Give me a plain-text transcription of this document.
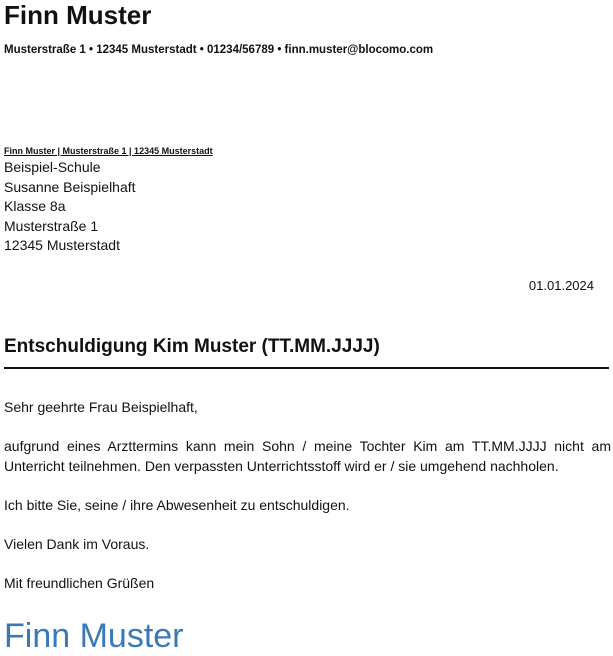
Finn Muster
Musterstraße 1 • 12345 Musterstadt • 01234/56789 • finn.muster@blocomo.com
Finn Muster | Musterstraße 1 | 12345 Musterstadt
Beispiel-Schule
Susanne Beispielhaft
Klasse 8a
Musterstraße 1
12345 Musterstadt
01.01.2024
Entschuldigung Kim Muster (TT.MM.JJJJ)

Sehr geehrte Frau Beispielhaft,

aufgrund eines Arzttermins kann mein Sohn / meine Tochter Kim am TT.MM.JJJJ nicht am Unterricht teilnehmen. Den verpassten Unterrichtsstoff wird er / sie umgehend nachholen.

Ich bitte Sie, seine / ihre Abwesenheit zu entschuldigen.

Vielen Dank im Voraus.

Mit freundlichen Grüßen

Finn Muster
